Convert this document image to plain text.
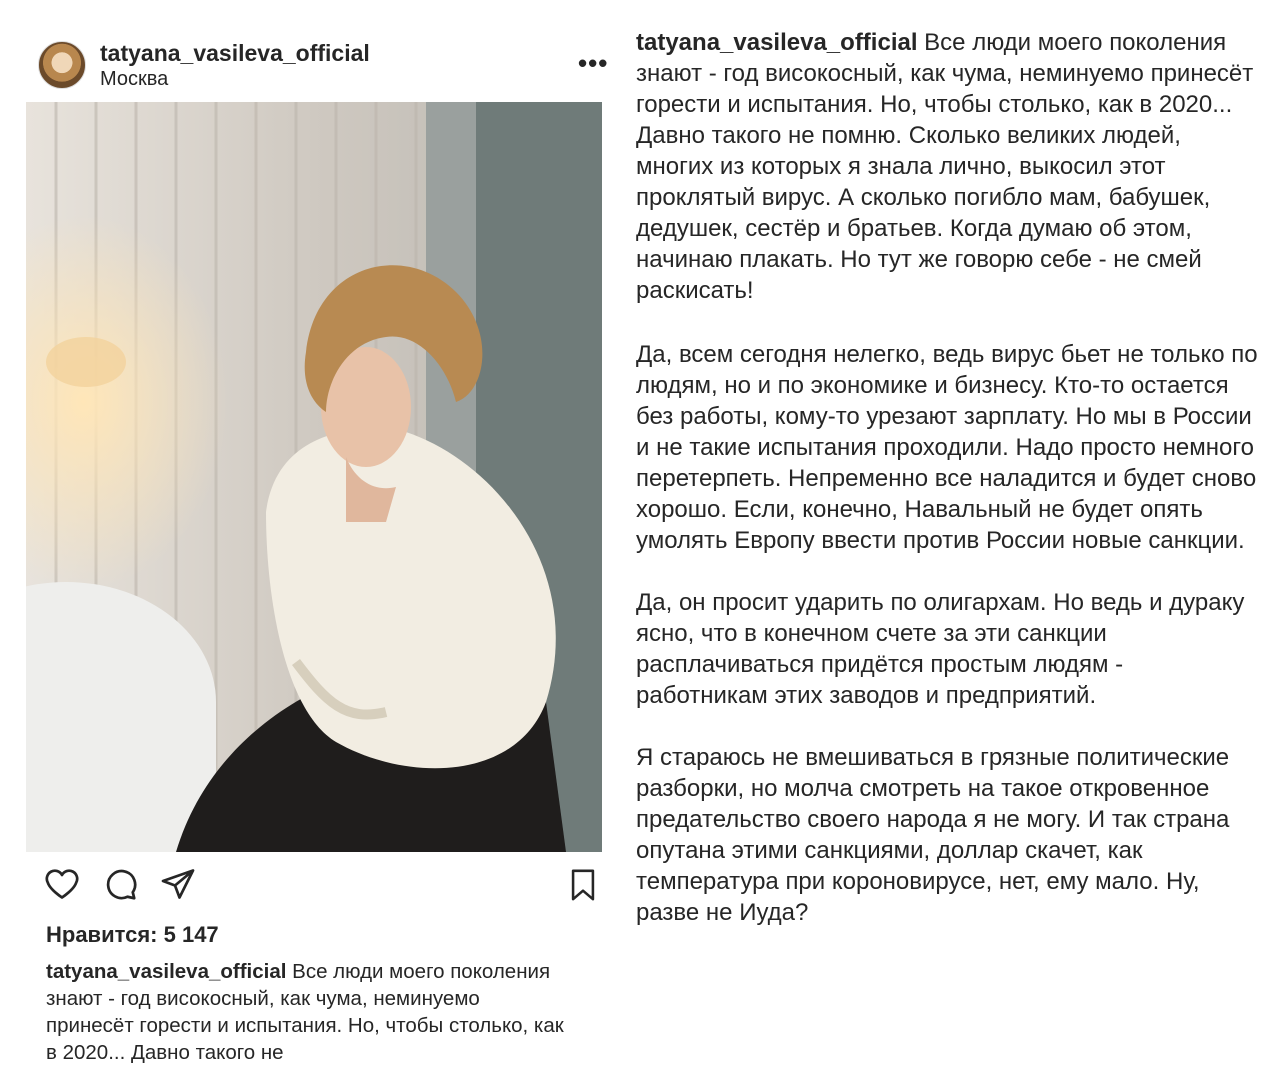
tatyana_vasileva_official
Москва
•••
Нравится: 5 147
tatyana_vasileva_official Все люди моего поколения знают - год високосный, как чума, неминуемо принесёт горести и испытания. Но, чтобы столько, как в 2020... Давно такого не

tatyana_vasileva_official Все люди моего поколения знают - год високосный, как чума, неминуемо принесёт горести и испытания. Но, чтобы столько, как в 2020... Давно такого не помню. Сколько великих людей, многих из которых я знала лично, выкосил этот проклятый вирус. А сколько погибло мам, бабушек, дедушек, сестёр и братьев. Когда думаю об этом, начинаю плакать. Но тут же говорю себе - не смей раскисать!

Да, всем сегодня нелегко, ведь вирус бьет не только по людям, но и по экономике и бизнесу. Кто-то остается без работы, кому-то урезают зарплату. Но мы в России и не такие испытания проходили. Надо просто немного перетерпеть. Непременно все наладится и будет сново хорошо. Если, конечно, Навальный не будет опять умолять Европу ввести против России новые санкции.

Да, он просит ударить по олигархам. Но ведь и дураку ясно, что в конечном счете за эти санкции расплачиваться придётся простым людям - работникам этих заводов и предприятий.

Я стараюсь не вмешиваться в грязные политические разборки, но молча смотреть на такое откровенное предательство своего народа я не могу. И так страна опутана этими санкциями, доллар скачет, как температура при короновирусе, нет, ему мало. Ну, разве не Иуда?
